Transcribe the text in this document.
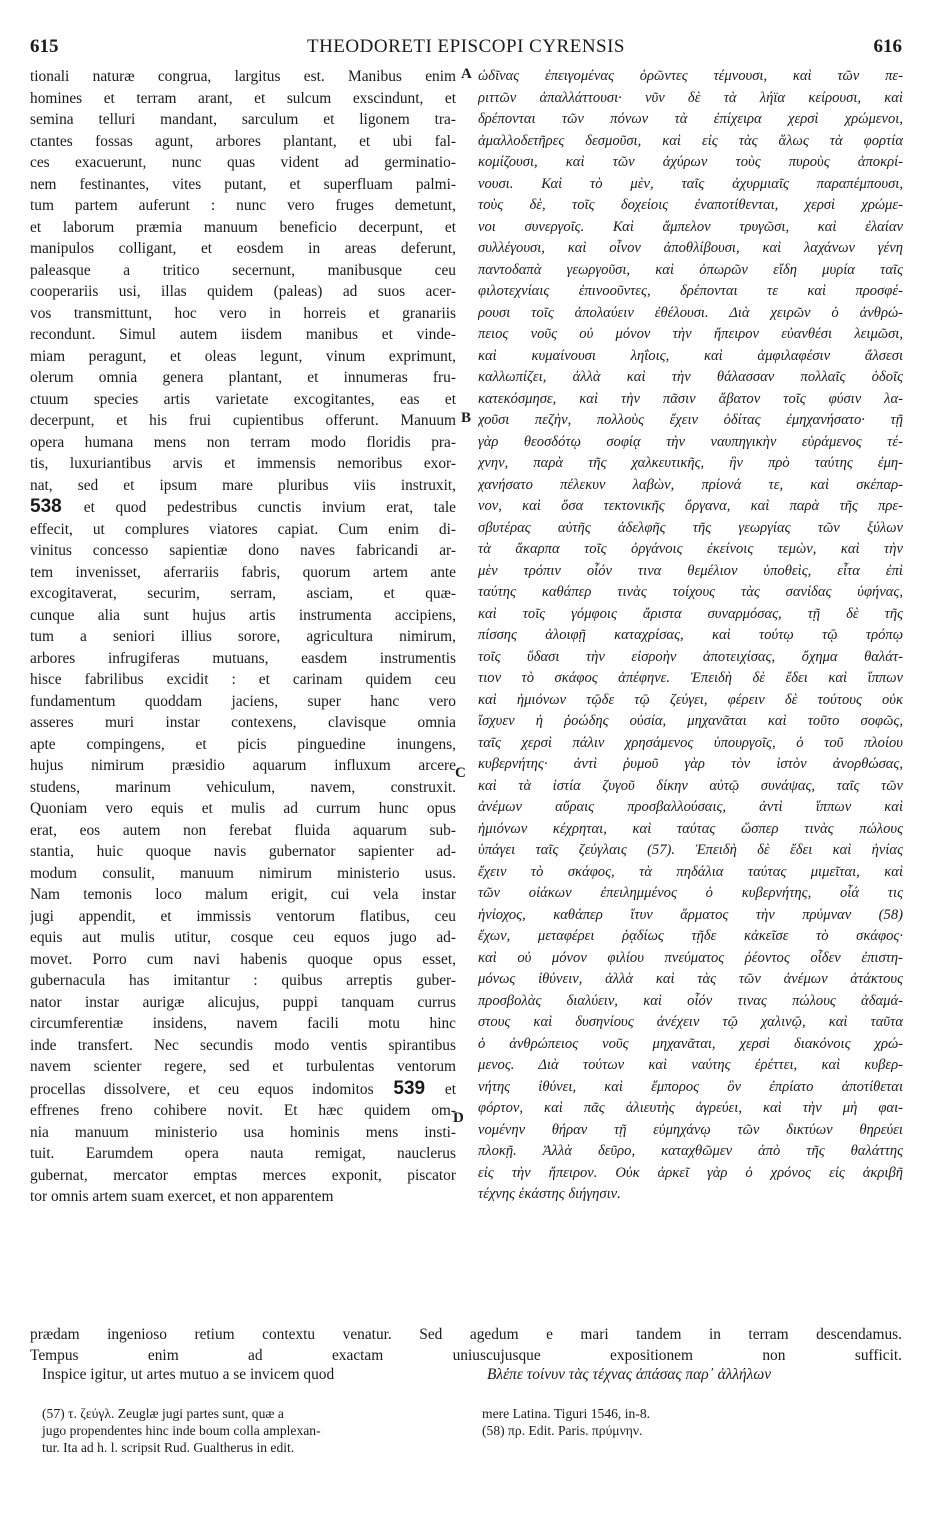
615	THEODORETI EPISCOPI CYRENSIS	616
tionali naturæ congrua, largitus est. Manibus enim
homines et terram arant, et sulcum exscindunt, et
semina telluri mandant, sarculum et ligonem tra-
ctantes fossas agunt, arbores plantant, et ubi fal-
ces exacuerunt, nunc quas vident ad germinatio-
nem festinantes, vites putant, et superfluam palmi-
tum partem auferunt : nunc vero fruges demetunt,
et laborum præmia manuum beneficio decerpunt, et
manipulos colligant, et eosdem in areas deferunt,
paleasque a tritico secernunt, manibusque ceu
cooperariis usi, illas quidem (paleas) ad suos acer-
vos transmittunt, hoc vero in horreis et granariis
recondunt. Simul autem iisdem manibus et vinde-
miam peragunt, et oleas legunt, vinum exprimunt,
olerum omnia genera plantant, et innumeras fru-
ctuum species artis varietate excogitantes, eas et
decerpunt, et his frui cupientibus offerunt. Manuum
opera humana mens non terram modo floridis pra-
tis, luxuriantibus arvis et immensis nemoribus exor-
nat, sed et ipsum mare pluribus viis instruxit,
538 et quod pedestribus cunctis invium erat, tale
effecit, ut complures viatores capiat. Cum enim di-
vinitus concesso sapientiæ dono naves fabricandi ar-
tem invenisset, aferrariis fabris, quorum artem ante
excogitaverat, securim, serram, asciam, et quæ-
cunque alia sunt hujus artis instrumenta accipiens,
tum a seniori illius sorore, agricultura nimirum,
arbores infrugiferas mutuans, easdem instrumentis
hisce fabrilibus excidit : et carinam quidem ceu
fundamentum quoddam jaciens, super hanc vero
asseres muri instar contexens, clavisque omnia
apte compingens, et picis pinguedine inungens,
hujus nimirum præsidio aquarum influxum arcere
studens, marinum vehiculum, navem, construxit.
Quoniam vero equis et mulis ad currum hunc opus
erat, eos autem non ferebat fluida aquarum sub-
stantia, huic quoque navis gubernator sapienter ad-
modum consulit, manuum nimirum ministerio usus.
Nam temonis loco malum erigit, cui vela instar
jugi appendit, et immissis ventorum flatibus, ceu
equis aut mulis utitur, cosque ceu equos jugo ad-
movet. Porro cum navi habenis quoque opus esset,
gubernacula has imitantur : quibus arreptis guber-
nator instar aurigæ alicujus, puppi tanquam currus
circumferentiæ insidens, navem facili motu hinc
inde transfert. Nec secundis modo ventis spirantibus
navem scienter regere, sed et turbulentas ventorum
procellas dissolvere, et ceu equos indomitos 539 et
effrenes freno cohibere novit. Et hæc quidem om-
nia manuum ministerio usa hominis mens insti-
tuit. Earumdem opera nauta remigat, nauclerus
gubernat, mercator emptas merces exponit, piscator
tor omnis artem suam exercet, et non apparentem
ὠδῖνας ἐπειγομένας ὁρῶντες τέμνουσι, καὶ τῶν πε-
ριττῶν ἀπαλλάττουσι· νῦν δὲ τὰ λήϊα κείρουσι, καὶ
δρέπονται τῶν πόνων τὰ ἐπίχειρα χερσὶ χρώμενοι,
ἀμαλλοδετῆρες δεσμοῦσι, καὶ εἰς τὰς ἅλως τὰ φορτία
κομίζουσι, καὶ τῶν ἀχύρων τοὺς πυροὺς ἀποκρί-
νουσι. Καὶ τὸ μὲν, ταῖς ἀχυρμιαῖς παραπέμπουσι,
τοὺς δὲ, τοῖς δοχείοις ἐναποτίθενται, χερσὶ χρώμε-
νοι συνεργοῖς. Καὶ ἄμπελον τρυγῶσι, καὶ ἐλαίαν
συλλέγουσι, καὶ οἶνον ἀποθλίβουσι, καὶ λαχάνων γένη
παντοδαπὰ γεωργοῦσι, καὶ ὀπωρῶν εἴδη μυρία ταῖς
φιλοτεχνίαις ἐπινοοῦντες, δρέπονται τε καὶ προσφέ-
ρουσι τοῖς ἀπολαύειν ἐθέλουσι. Διὰ χειρῶν ὁ ἀνθρώ-
πειος νοῦς οὐ μόνον τὴν ἤπειρον εὐανθέσι λειμῶσι,
καὶ κυμαίνουσι ληΐοις, καὶ ἀμφιλαφέσιν ἄλσεσι
καλλωπίζει, ἀλλὰ καὶ τὴν θάλασσαν πολλαῖς ὁδοῖς
κατεκόσμησε, καὶ τὴν πᾶσιν ἄβατον τοῖς φύσιν λα-
χοῦσι πεζὴν, πολλοὺς ἔχειν ὁδίτας ἐμηχανήσατο· τῇ
γὰρ θεοσδότῳ σοφίᾳ τὴν ναυπηγικὴν εὑράμενος τέ-
χνην, παρὰ τῆς χαλκευτικῆς, ἣν πρὸ ταύτης ἐμη-
χανήσατο πέλεκυν λαβὼν, πρίονά τε, καὶ σκέπαρ-
νον, καὶ ὅσα τεκτονικῆς ὄργανα, καὶ παρὰ τῆς πρε-
σβυτέρας αὐτῆς ἀδελφῆς τῆς γεωργίας τῶν ξύλων
τὰ ἄκαρπα τοῖς ὀργάνοις ἐκείνοις τεμὼν, καὶ τὴν
μὲν τρόπιν οἷόν τινα θεμέλιον ὑποθεὶς, εἶτα ἐπὶ
ταύτης καθάπερ τινὰς τοίχους τὰς σανίδας ὑφήνας,
καὶ τοῖς γόμφοις ἄριστα συναρμόσας, τῇ δὲ τῆς
πίσσης ἀλοιφῇ καταχρίσας, καὶ τούτῳ τῷ τρόπῳ
τοῖς ὕδασι τὴν εἰσροὴν ἀποτειχίσας, ὄχημα θαλάτ-
τιον τὸ σκάφος ἀπέφηνε. Ἐπειδὴ δὲ ἔδει καὶ ἵππων
καὶ ἡμιόνων τῷδε τῷ ζεύγει, φέρειν δὲ τούτους οὐκ
ἴσχυεν ἡ ῥοώδης οὐσία, μηχανᾶται καὶ τοῦτο σοφῶς,
ταῖς χερσὶ πάλιν χρησάμενος ὑπουργοῖς, ὁ τοῦ πλοίου
κυβερνήτης· ἀντὶ ῥυμοῦ γὰρ τὸν ἱστὸν ἀνορθώσας,
καὶ τὰ ἱστία ζυγοῦ δίκην αὐτῷ συνάψας, ταῖς τῶν
ἀνέμων αὔραις προσβαλλούσαις, ἀντὶ ἵππων καὶ
ἡμιόνων κέχρηται, καὶ ταύτας ὥσπερ τινὰς πώλους
ὑπάγει ταῖς ζεύγλαις (57). Ἐπειδὴ δὲ ἔδει καὶ ἡνίας
ἔχειν τὸ σκάφος, τὰ πηδάλια ταύτας μιμεῖται, καὶ
τῶν οἰάκων ἐπειλημμένος ὁ κυβερνήτης, οἷά τις
ἡνίοχος, καθάπερ ἴτυν ἅρματος τὴν πρύμναν (58)
ἔχων, μεταφέρει ῥᾳδίως τῇδε κἀκεῖσε τὸ σκάφος·
καὶ οὐ μόνον φιλίου πνεύματος ῥέοντος οἶδεν ἐπιστη-
μόνως ἰθύνειν, ἀλλὰ καὶ τὰς τῶν ἀνέμων ἀτάκτους
προσβολὰς διαλύειν, καὶ οἷόν τινας πώλους ἀδαμά-
στους καὶ δυσηνίους ἀνέχειν τῷ χαλινῷ, καὶ ταῦτα
ὁ ἀνθρώπειος νοῦς μηχανᾶται, χερσὶ διακόνοις χρώ-
μενος. Διὰ τούτων καὶ ναύτης ἐρέττει, καὶ κυβερ-
νήτης ἰθύνει, καὶ ἔμπορος ὃν ἐπρίατο ἀποτίθεται
φόρτον, καὶ πᾶς ἁλιευτὴς ἀγρεύει, καὶ τὴν μὴ φαι-
νομένην θήραν τῇ εὐμηχάνῳ τῶν δικτύων θηρεύει
πλοκῇ. Ἀλλὰ δεῦρο, καταχθῶμεν ἀπὸ τῆς θαλάττης
εἰς τὴν ἤπειρον. Οὐκ ἀρκεῖ γὰρ ὁ χρόνος εἰς ἀκριβῆ
τέχνης ἑκάστης διήγησιν.
A
B
C
D
prædam ingenioso retium contextu venatur. Sed agedum e mari tandem in terram descendamus.
Tempus enim ad exactam uniuscujusque expositionem non sufficit.
Inspice igitur, ut artes mutuo a se invicem quod	Βλέπε τοίνυν τὰς τέχνας ἁπάσας παρ᾽ ἀλλήλων
(57) τ. ζεύγλ. Zeuglæ jugi partes sunt, quæ a
jugo propendentes hinc inde boum colla amplexan-
tur. Ita ad h. l. scripsit Rud. Gualtherus in edit.
mere Latina. Tiguri 1546, in-8.
(58) πρ. Edit. Paris. πρύμνην.
